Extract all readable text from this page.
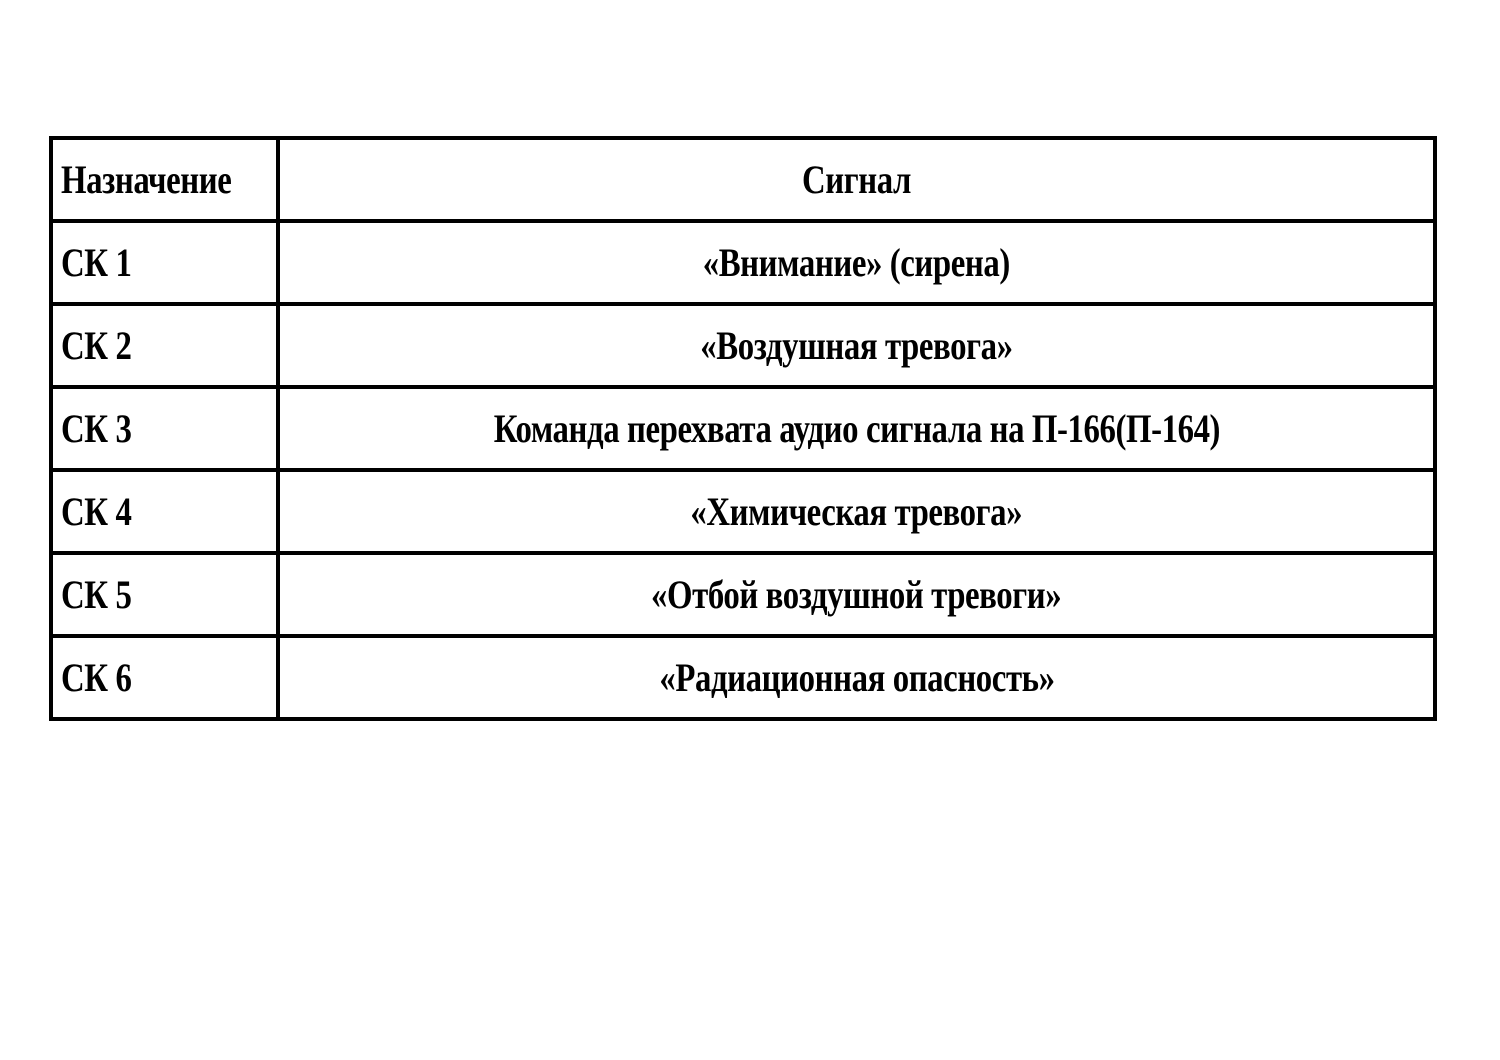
Назначение	Сигнал
СК 1	«Внимание» (сирена)
СК 2	«Воздушная тревога»
СК 3	Команда перехвата аудио сигнала на П-166(П-164)
СК 4	«Химическая тревога»
СК 5	«Отбой воздушной тревоги»
СК 6	«Радиационная опасность»
